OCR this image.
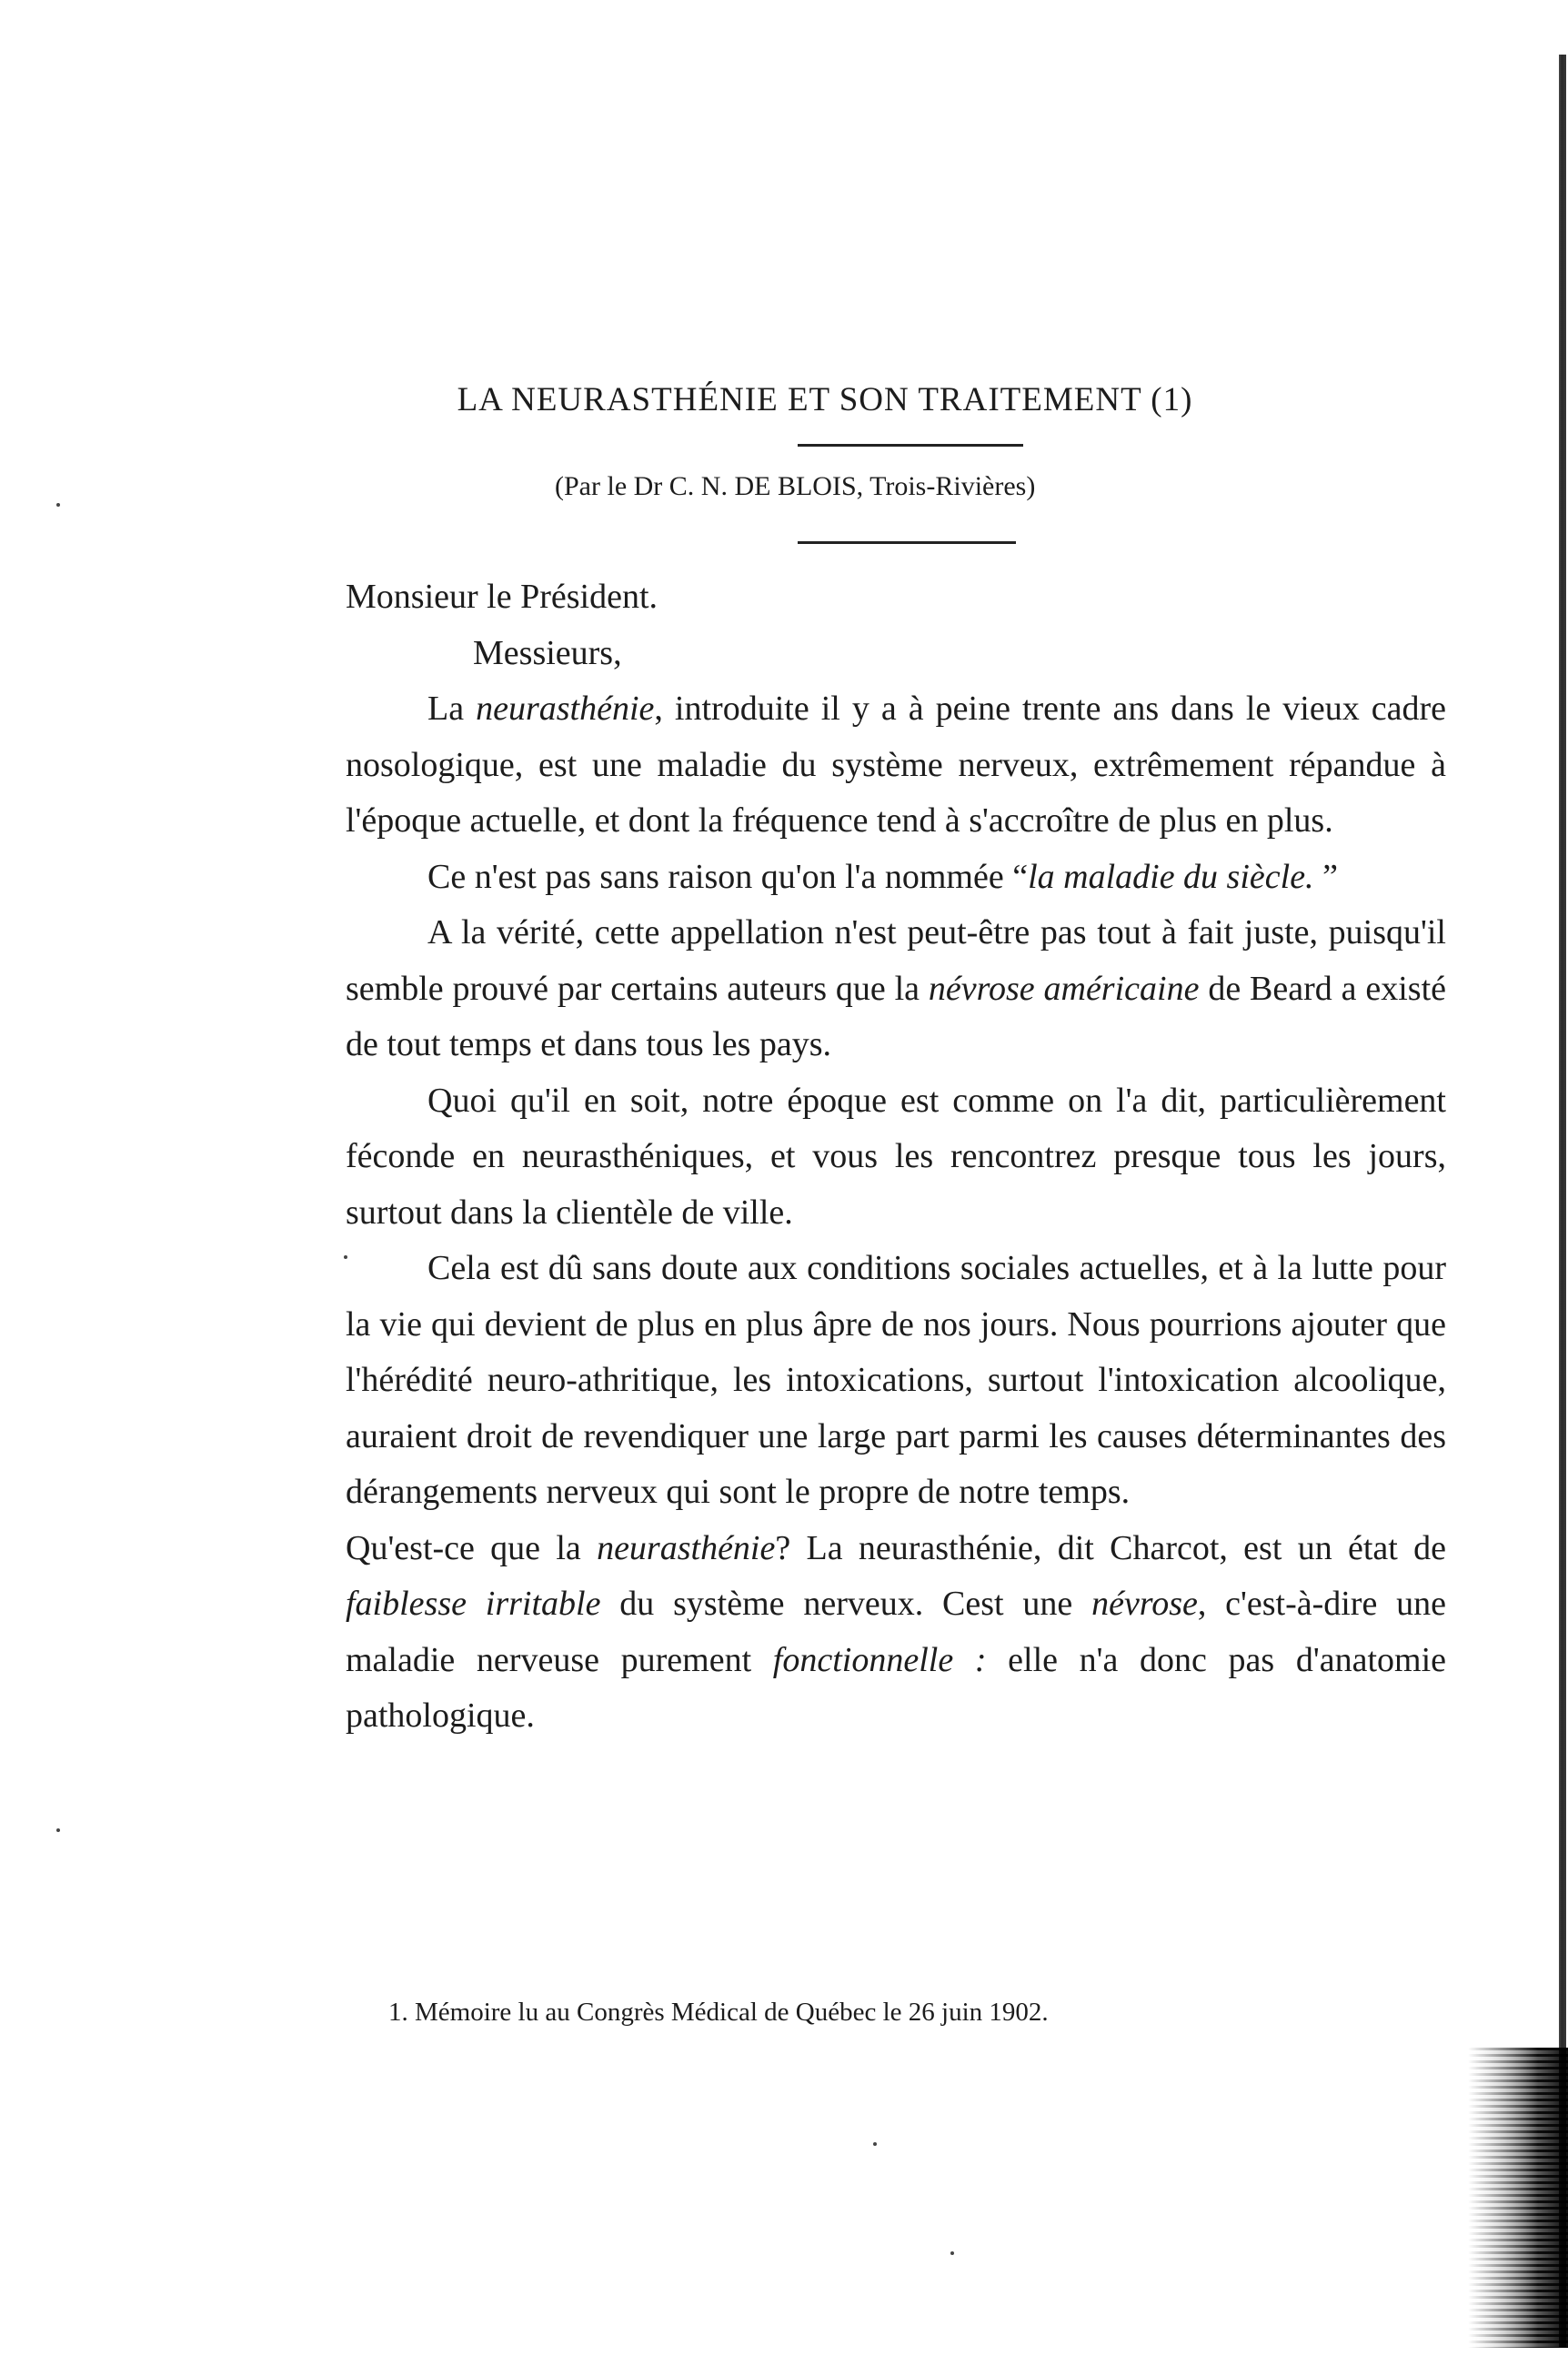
LA NEURASTHÉNIE ET SON TRAITEMENT (1)
(Par le Dr C. N. DE BLOIS, Trois-Rivières)

Monsieur le Président.

Messieurs,

La neurasthénie, introduite il y a à peine trente ans dans le vieux cadre nosologique, est une maladie du système nerveux, extrêmement répandue à l'époque actuelle, et dont la fréquence tend à s'accroître de plus en plus.

Ce n'est pas sans raison qu'on l'a nommée “la maladie du siècle. ”

A la vérité, cette appellation n'est peut-être pas tout à fait juste, puisqu'il semble prouvé par certains auteurs que la névrose américaine de Beard a existé de tout temps et dans tous les pays.

Quoi qu'il en soit, notre époque est comme on l'a dit, particulièrement féconde en neurasthéniques, et vous les rencontrez presque tous les jours, surtout dans la clientèle de ville.

Cela est dû sans doute aux conditions sociales actuelles, et à la lutte pour la vie qui devient de plus en plus âpre de nos jours. Nous pourrions ajouter que l'hérédité neuro-athritique, les intoxications, surtout l'intoxication alcoolique, auraient droit de revendiquer une large part parmi les causes déterminantes des dérangements nerveux qui sont le propre de notre temps.

Qu'est-ce que la neurasthénie? La neurasthénie, dit Charcot, est un état de faiblesse irritable du système nerveux. Cest une névrose, c'est-à-dire une maladie nerveuse purement fonctionnelle : elle n'a donc pas d'anatomie pathologique.

1. Mémoire lu au Congrès Médical de Québec le 26 juin 1902.
